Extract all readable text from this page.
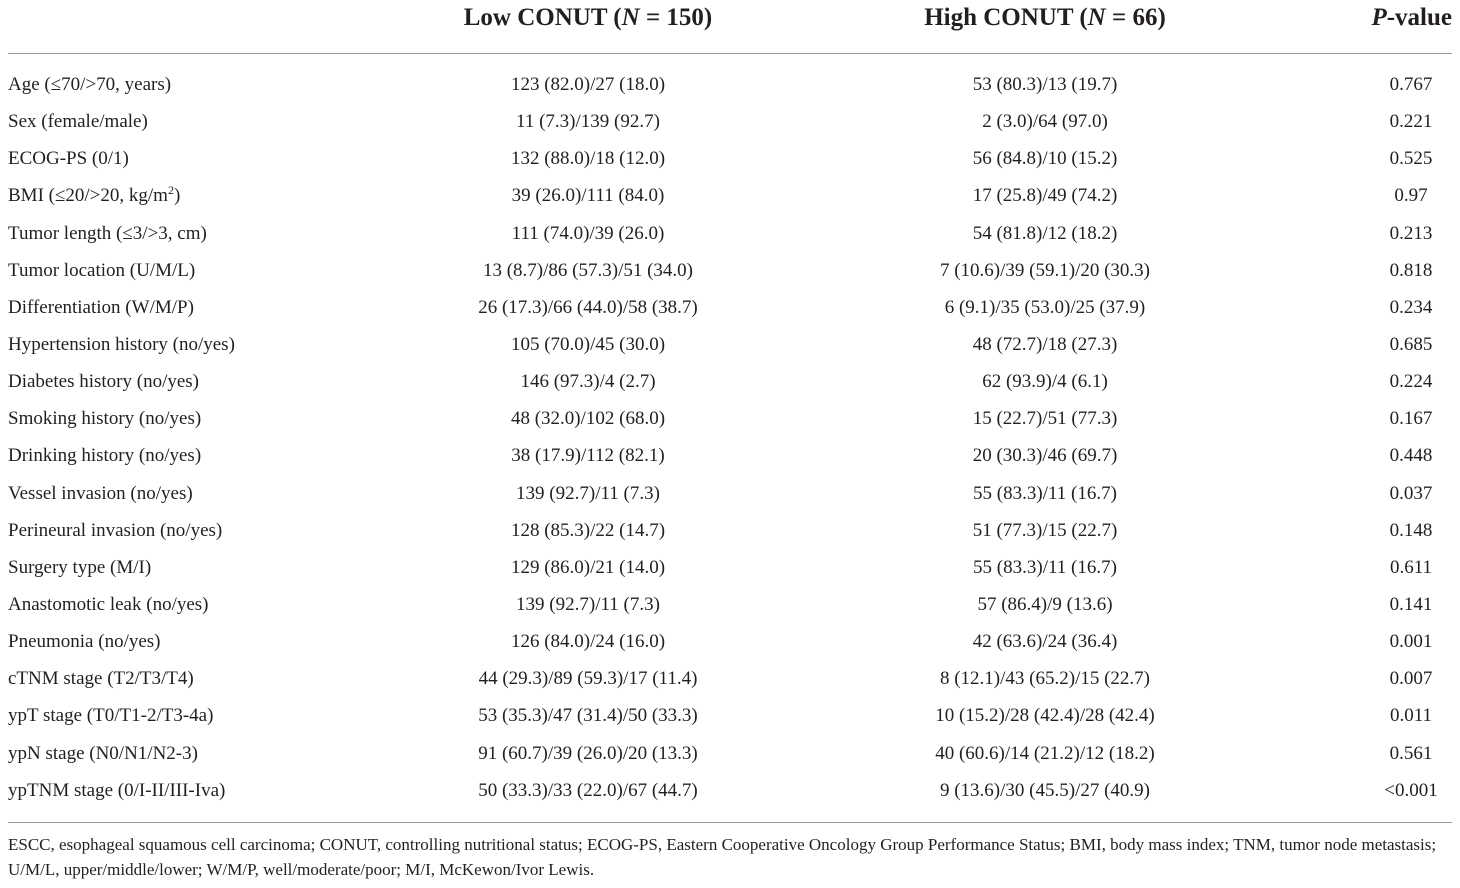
Low CONUT (N = 150)	High CONUT (N = 66)	P-value
Age (≤70/>70, years)	123 (82.0)/27 (18.0)	53 (80.3)/13 (19.7)	0.767
Sex (female/male)	11 (7.3)/139 (92.7)	2 (3.0)/64 (97.0)	0.221
ECOG-PS (0/1)	132 (88.0)/18 (12.0)	56 (84.8)/10 (15.2)	0.525
BMI (≤20/>20, $kg/m^2$)	39 (26.0)/111 (84.0)	17 (25.8)/49 (74.2)	0.97
Tumor length (≤3/>3, cm)	111 (74.0)/39 (26.0)	54 (81.8)/12 (18.2)	0.213
Tumor location (U/M/L)	13 (8.7)/86 (57.3)/51 (34.0)	7 (10.6)/39 (59.1)/20 (30.3)	0.818
Differentiation (W/M/P)	26 (17.3)/66 (44.0)/58 (38.7)	6 (9.1)/35 (53.0)/25 (37.9)	0.234
Hypertension history (no/yes)	105 (70.0)/45 (30.0)	48 (72.7)/18 (27.3)	0.685
Diabetes history (no/yes)	146 (97.3)/4 (2.7)	62 (93.9)/4 (6.1)	0.224
Smoking history (no/yes)	48 (32.0)/102 (68.0)	15 (22.7)/51 (77.3)	0.167
Drinking history (no/yes)	38 (17.9)/112 (82.1)	20 (30.3)/46 (69.7)	0.448
Vessel invasion (no/yes)	139 (92.7)/11 (7.3)	55 (83.3)/11 (16.7)	0.037
Perineural invasion (no/yes)	128 (85.3)/22 (14.7)	51 (77.3)/15 (22.7)	0.148
Surgery type (M/I)	129 (86.0)/21 (14.0)	55 (83.3)/11 (16.7)	0.611
Anastomotic leak (no/yes)	139 (92.7)/11 (7.3)	57 (86.4)/9 (13.6)	0.141
Pneumonia (no/yes)	126 (84.0)/24 (16.0)	42 (63.6)/24 (36.4)	0.001
cTNM stage (T2/T3/T4)	44 (29.3)/89 (59.3)/17 (11.4)	8 (12.1)/43 (65.2)/15 (22.7)	0.007
ypT stage (T0/T1-2/T3-4a)	53 (35.3)/47 (31.4)/50 (33.3)	10 (15.2)/28 (42.4)/28 (42.4)	0.011
ypN stage (N0/N1/N2-3)	91 (60.7)/39 (26.0)/20 (13.3)	40 (60.6)/14 (21.2)/12 (18.2)	0.561
ypTNM stage (0/I-II/III-Iva)	50 (33.3)/33 (22.0)/67 (44.7)	9 (13.6)/30 (45.5)/27 (40.9)	<0.001
ESCC, esophageal squamous cell carcinoma; CONUT, controlling nutritional status; ECOG-PS, Eastern Cooperative Oncology Group Performance Status; BMI, body mass index; TNM, tumor node metastasis; U/M/L, upper/middle/lower; W/M/P, well/moderate/poor; M/I, McKewon/Ivor Lewis.
